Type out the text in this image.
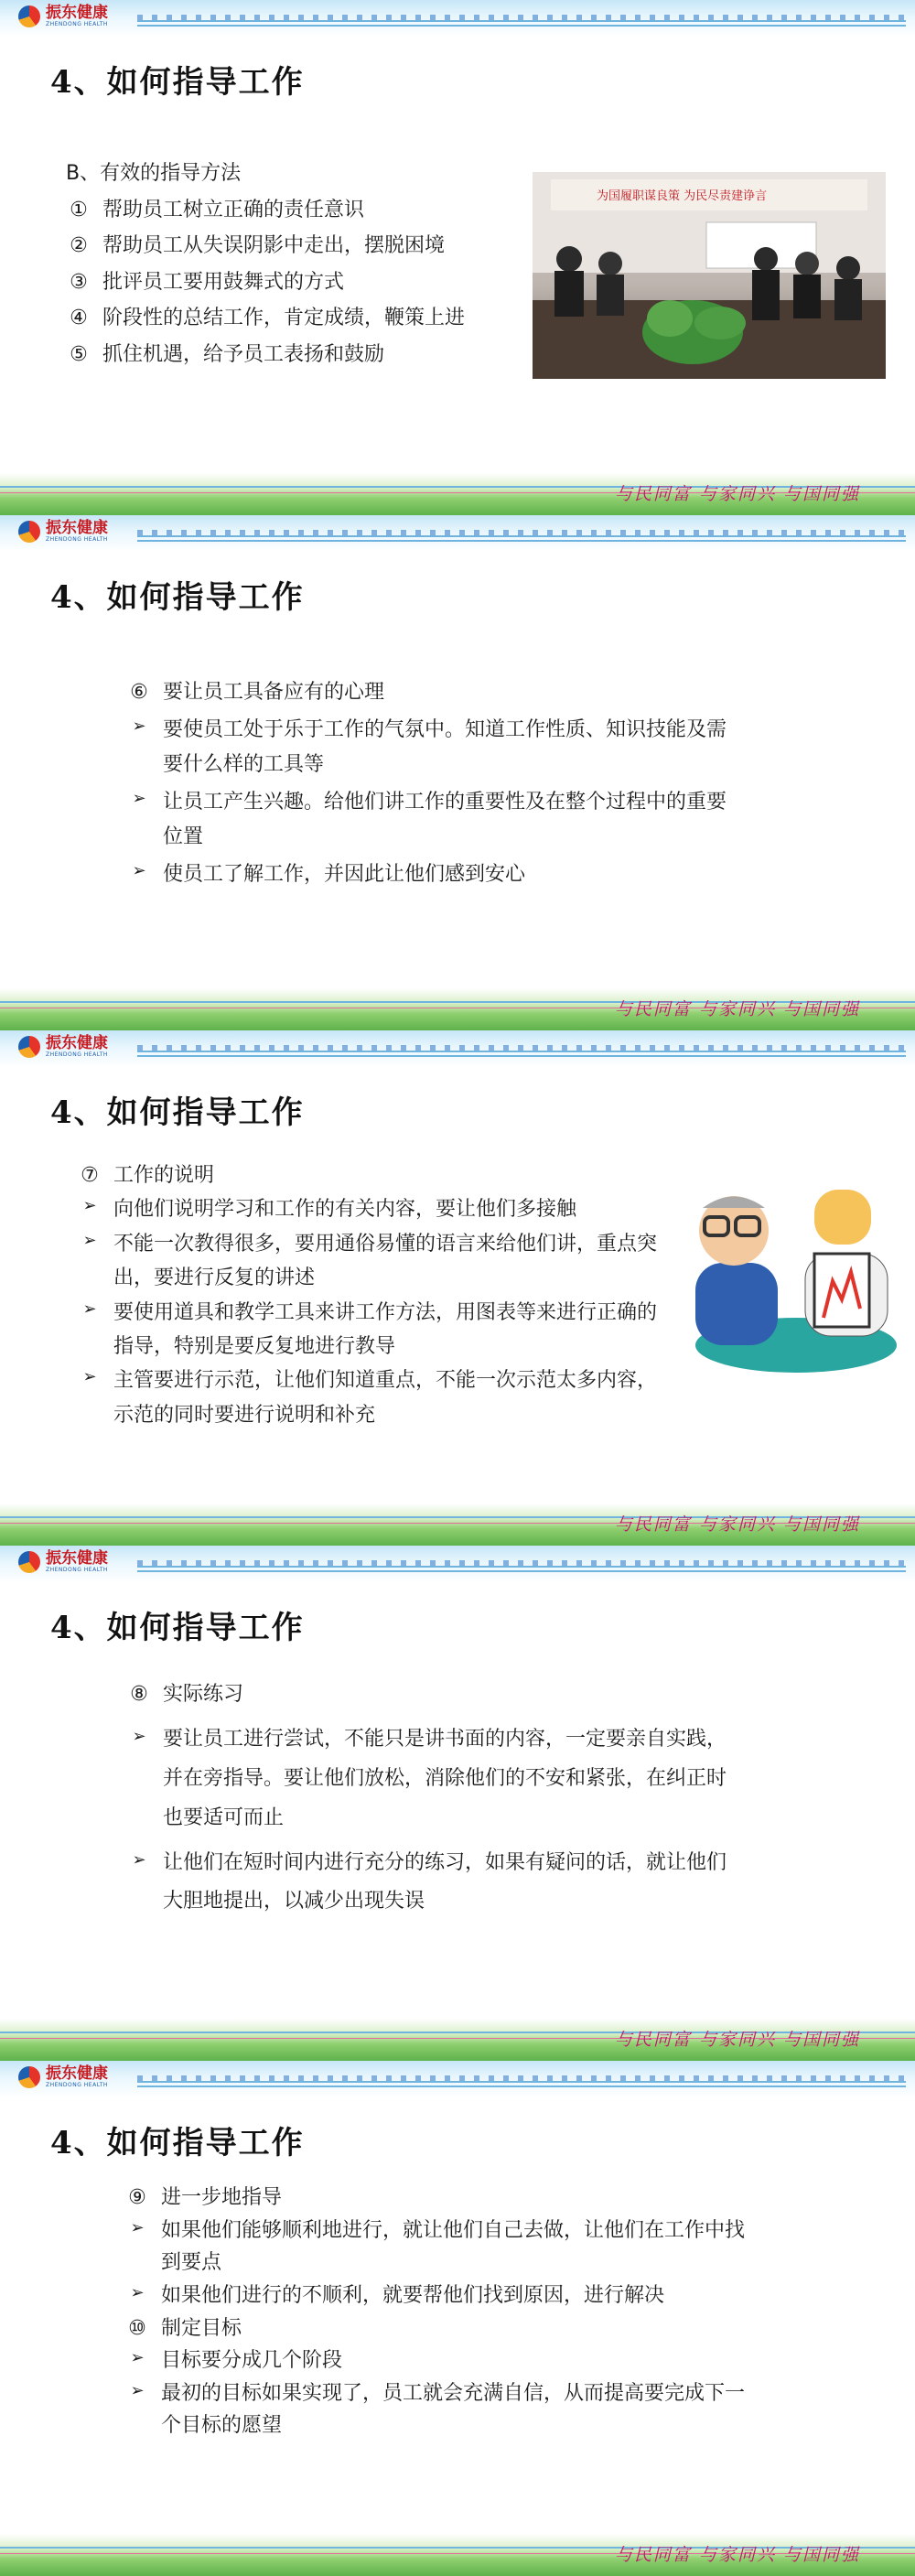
振东健康
ZHENDONG HEALTH
4、如何指导工作
B、有效的指导方法
① 帮助员工树立正确的责任意识
② 帮助员工从失误阴影中走出，摆脱困境
③ 批评员工要用鼓舞式的方式
④ 阶段性的总结工作，肯定成绩，鞭策上进
⑤ 抓住机遇，给予员工表扬和鼓励
为国履职谋良策 为民尽责建诤言
与民同富 与家同兴 与国同强
振东健康
ZHENDONG HEALTH
4、如何指导工作
⑥ 要让员工具备应有的心理
➢ 要使员工处于乐于工作的气氛中。知道工作性质、知识技能及需要什么样的工具等
➢ 让员工产生兴趣。给他们讲工作的重要性及在整个过程中的重要位置
➢ 使员工了解工作，并因此让他们感到安心
与民同富 与家同兴 与国同强
振东健康
ZHENDONG HEALTH
4、如何指导工作
⑦ 工作的说明
➢ 向他们说明学习和工作的有关内容，要让他们多接触
➢ 不能一次教得很多，要用通俗易懂的语言来给他们讲，重点突出，要进行反复的讲述
➢ 要使用道具和教学工具来讲工作方法，用图表等来进行正确的指导，特别是要反复地进行教导
➢ 主管要进行示范，让他们知道重点，不能一次示范太多内容，示范的同时要进行说明和补充
与民同富 与家同兴 与国同强
振东健康
ZHENDONG HEALTH
4、如何指导工作
⑧ 实际练习
➢ 要让员工进行尝试，不能只是讲书面的内容，一定要亲自实践，并在旁指导。要让他们放松，消除他们的不安和紧张，在纠正时也要适可而止
➢ 让他们在短时间内进行充分的练习，如果有疑问的话，就让他们大胆地提出，以减少出现失误
与民同富 与家同兴 与国同强
振东健康
ZHENDONG HEALTH
4、如何指导工作
⑨ 进一步地指导
➢ 如果他们能够顺利地进行，就让他们自己去做，让他们在工作中找到要点
➢ 如果他们进行的不顺利，就要帮他们找到原因，进行解决
⑩ 制定目标
➢ 目标要分成几个阶段
➢ 最初的目标如果实现了，员工就会充满自信，从而提高要完成下一个目标的愿望
与民同富 与家同兴 与国同强
